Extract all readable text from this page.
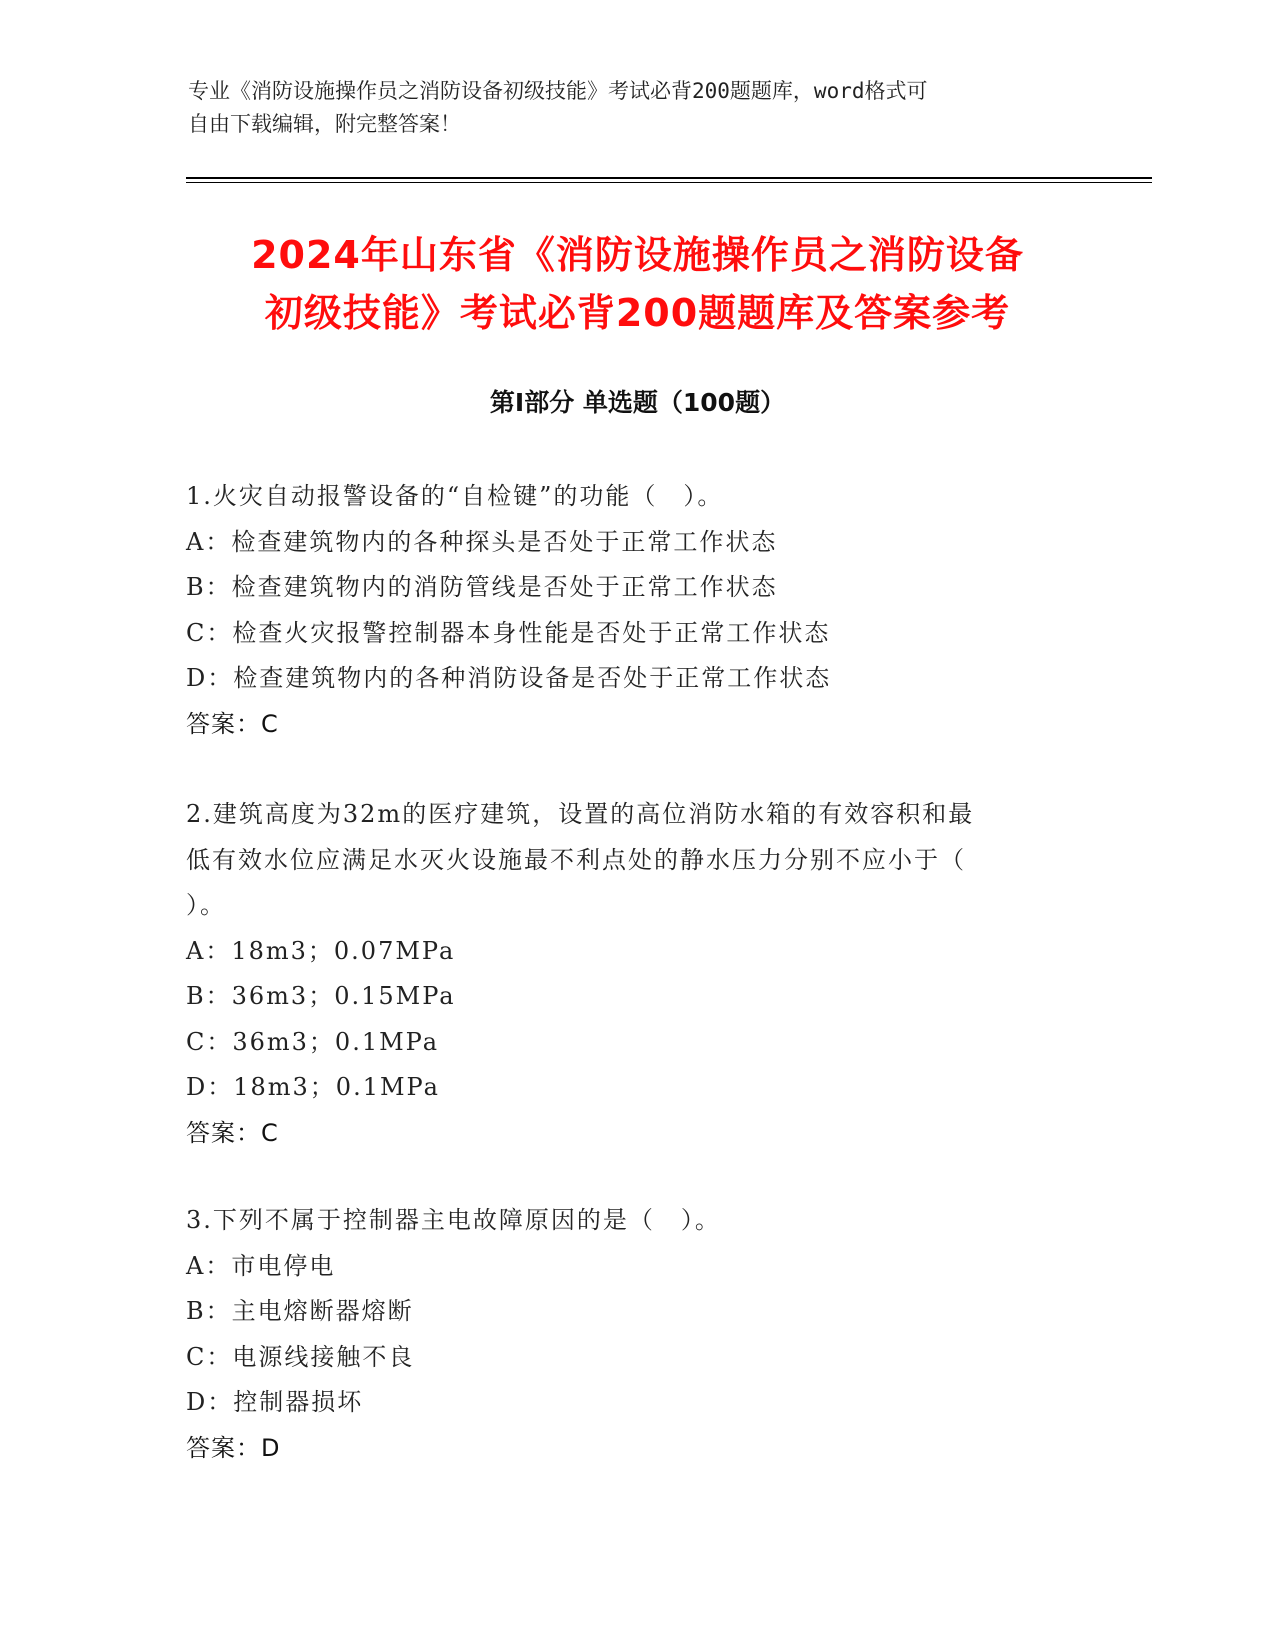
专业《消防设施操作员之消防设备初级技能》考试必背200题题库，word格式可
自由下载编辑，附完整答案！
2024年山东省《消防设施操作员之消防设备
初级技能》考试必背200题题库及答案参考
第Ⅰ部分 单选题（100题）
1.火灾自动报警设备的“自检键”的功能（　）。
A：检查建筑物内的各种探头是否处于正常工作状态
B：检查建筑物内的消防管线是否处于正常工作状态
C：检查火灾报警控制器本身性能是否处于正常工作状态
D：检查建筑物内的各种消防设备是否处于正常工作状态
答案：C
2.建筑高度为32m的医疗建筑，设置的高位消防水箱的有效容积和最
低有效水位应满足水灭火设施最不利点处的静水压力分别不应小于（
）。
A：18m3；0.07MPa
B：36m3；0.15MPa
C：36m3；0.1MPa
D：18m3；0.1MPa
答案：C
3.下列不属于控制器主电故障原因的是（　）。
A：市电停电
B：主电熔断器熔断
C：电源线接触不良
D：控制器损坏
答案：D
